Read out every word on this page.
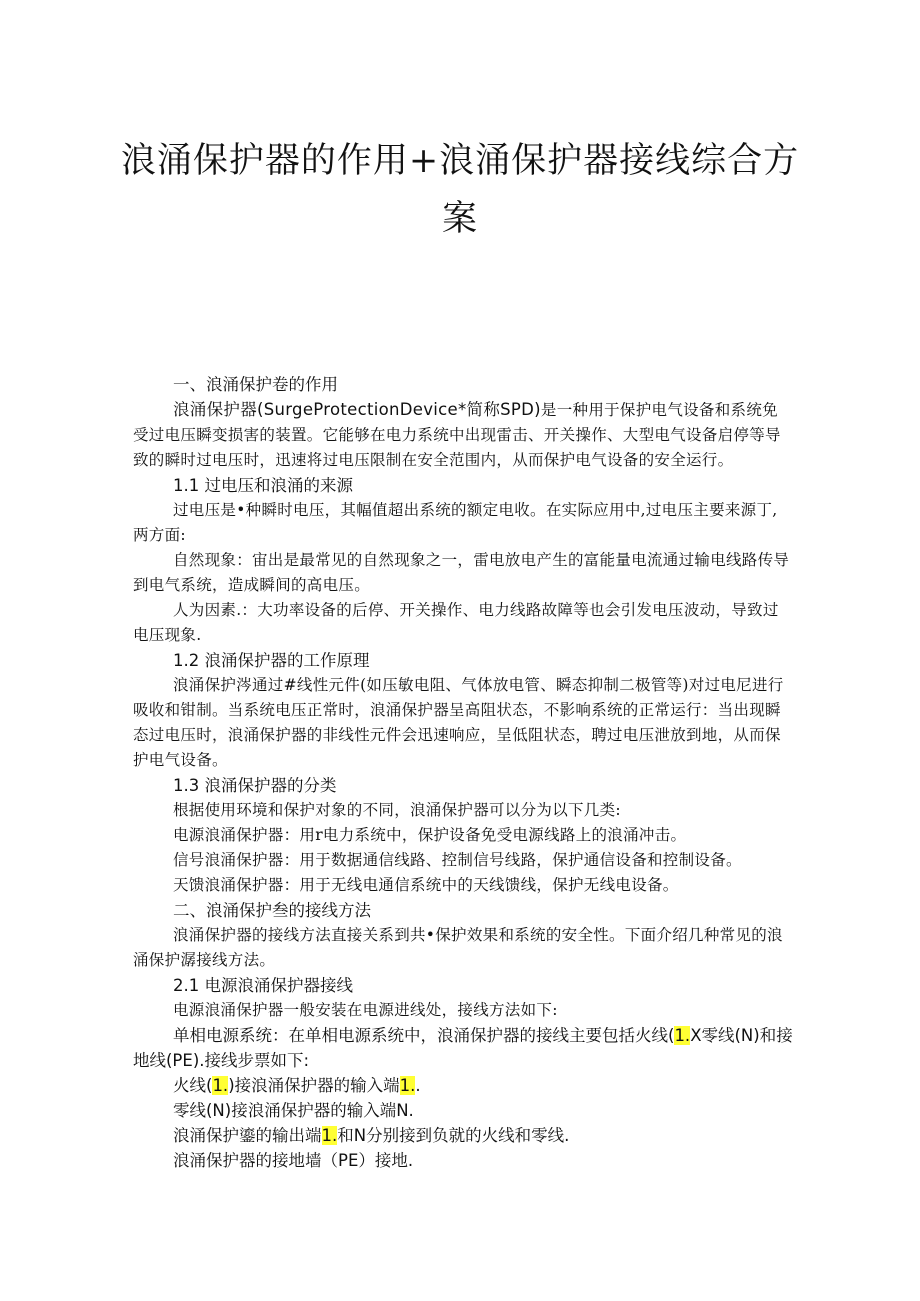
浪涌保护器的作用+浪涌保护器接线综合方案

一、浪涌保护卷的作用

浪涌保护器(SurgeProtectionDevice*简称SPD)是一种用于保护电气设备和系统免受过电压瞬变损害的装置。它能够在电力系统中出现雷击、开关操作、大型电气设备启停等导致的瞬时过电压时，迅速将过电压限制在安全范围内，从而保护电气设备的安全运行。

1.1 过电压和浪涌的来源

过电压是•种瞬时电压，其幅值超出系统的额定电收。在实际应用中,过电压主要来源丁,两方面:

自然现象：宙出是最常见的自然现象之一，雷电放电产生的富能量电流通过输电线路传导到电气系统，造成瞬间的高电压。

人为因素.：大功率设备的后停、开关操作、电力线路故障等也会引发电压波动，导致过电压现象.

1.2 浪涌保护器的工作原理

浪涌保护涔通过#线性元件(如压敏电阻、气体放电管、瞬态抑制二极管等)对过电尼进行吸收和钳制。当系统电压正常时，浪涌保护器呈高阻状态，不影响系统的正常运行：当出现瞬态过电压时，浪涌保护器的非线性元件会迅速响应，呈低阻状态，聘过电压泄放到地，从而保护电气设备。

1.3 浪涌保护器的分类

根据使用环境和保护对象的不同，浪涌保护器可以分为以下几类:

电源浪涌保护器：用r电力系统中，保护设备免受电源线路上的浪涌冲击。

信号浪涌保护器：用于数据通信线路、控制信号线路，保护通信设备和控制设备。

天馈浪涌保护器：用于无线电通信系统中的天线馈线，保护无线电设备。

二、浪涌保护叁的接线方法

浪涌保护器的接线方法直接关系到共•保护效果和系统的安全性。下面介绍几种常见的浪涌保护潺接线方法。

2.1 电源浪涌保护器接线

电源浪涌保护器一般安装在电源进线处，接线方法如下:

单相电源系统：在单相电源系统中，浪涌保护器的接线主要包括火线(1.X零线(N)和接地线(PE).接线步票如下:

火线(1.)接浪涌保护器的输入端1..

零线(N)接浪涌保护器的输入端N.

浪涌保护鎏的输出端1.和N分别接到负就的火线和零线.

浪涌保护器的接地墙（PE）接地.
